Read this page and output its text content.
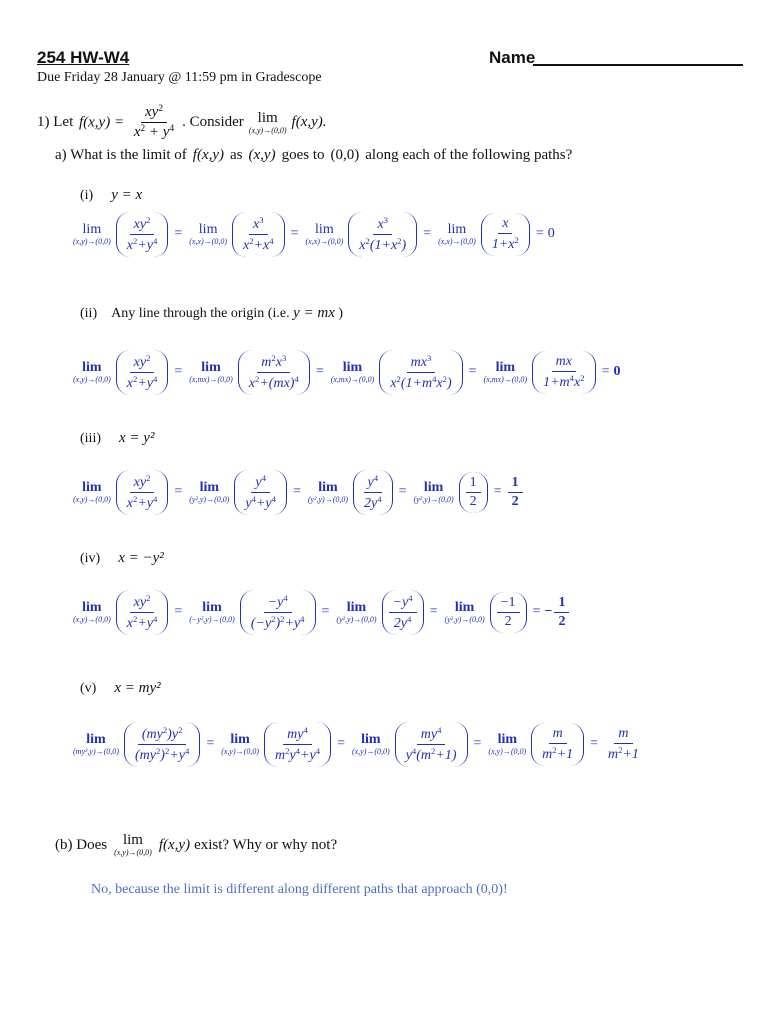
254 HW-W4	Name
Due Friday 28 January @ 11:59 pm in Gradescope
1) Let $f(x,y) = \frac{xy^2}{x^2 + y^4}$ . Consider lim
(x,y)→(0,0) f(x,y).
a) What is the limit of f(x,y) as (x,y) goes to (0,0) along each of the following paths?
(i) y = x
lim
$(x,y)\to(0,0) \frac{xy^2}{x^2+y^4} = \lim$
$(x,x)\to(0,0) \frac{x^3}{x^2+x^4} = \lim$
$(x,x)\to(0,0) \frac{x^3}{x^2(1+x^2)} = \lim$
$(x,x)\to(0,0) \frac{x}{1+x^2} = 0$
(ii) Any line through the origin (i.e. y = mx )
lim
$(x,y)\to(0,0) \frac{xy^2}{x^2+y^4} = \lim$
$(x,mx)\to(0,0) \frac{m^2x^3}{x^2+(mx)^4} = \lim$
$(x,mx)\to(0,0) \frac{mx^3}{x^2(1+m^4x^2)} = \lim$
$(x,mx)\to(0,0) \frac{mx}{1+m^4x^2} = 0$
(iii) x = y²
lim
$(x,y)\to(0,0) \frac{xy^2}{x^2+y^4} = \lim$
$(y^2,y)\to(0,0) \frac{y^4}{y^4+y^4} = \lim$
$(y^2,y)\to(0,0) \frac{y^4}{2y^4} = \lim$
$(y^2,y)\to(0,0) \frac{1}{2} = \frac{1}{2}$
(iv) x = −y²
lim
$(x,y)\to(0,0) \frac{xy^2}{x^2+y^4} = \lim$
$(-y^2,y)\to(0,0) \frac{-y^4}{(-y^2)^2+y^4} = \lim$
$(y^2,y)\to(0,0) \frac{-y^4}{2y^4} = \lim$
$(y^2,y)\to(0,0) \frac{-1}{2}$ = − $\frac{1}{2}$
(v) x = my²
lim
$(my^2,y)\to(0,0) \frac{(my^2)y^2}{(my^2)^2+y^4} = \lim$
$(x,y)\to(0,0) \frac{my^4}{m^2y^4+y^4} = \lim$
$(x,y)\to(0,0) \frac{my^4}{y^4(m^2+1)} = \lim$
$(x,y)\to(0,0) \frac{m}{m^2+1} = \frac{m}{m^2+1}$
(b) Does lim
(x,y)→(0,0) f(x,y) exist? Why or why not?
No, because the limit is different along different paths that approach (0,0)!
